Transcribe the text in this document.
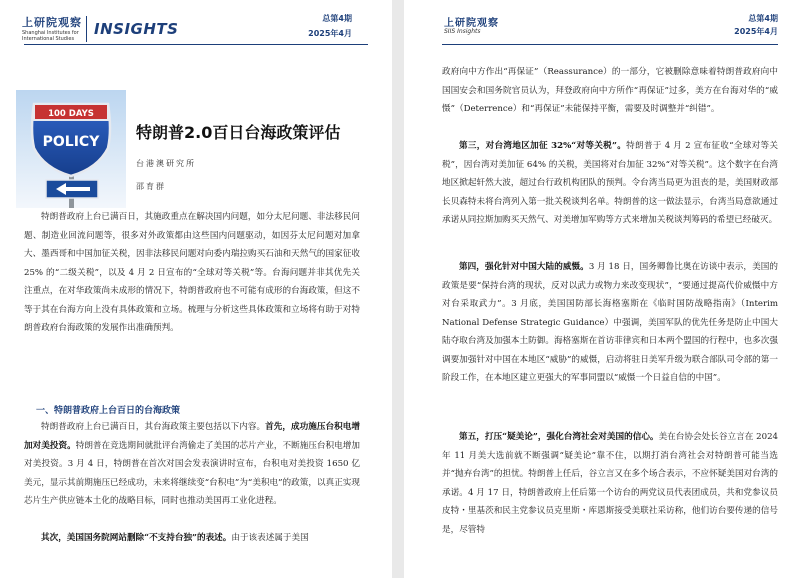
上研院观察
Shanghai Institutes for
International Studies
INSIGHTS
总第4期
2025年4月
100 DAYS
POLICY 特朗普2.0百日台海政策评估
台港澳研究所
邵育群

特朗普政府上台已满百日，其施政重点在解决国内问题，如分太尼问题、非法移民问题、制造业回流问题等，很多对外政策都由这些国内问题驱动，如因芬太尼问题对加拿大、墨西哥和中国加征关税，因非法移民问题对向委内瑞拉购买石油和天然气的国家征收 25% 的“二级关税”，以及 4 月 2 日宣布的“全球对等关税”等。台海问题并非其优先关注重点，在对华政策尚未成形的情况下，特朗普政府也不可能有成形的台海政策，但这不等于其在台海方向上没有具体政策和立场。梳理与分析这些具体政策和立场将有助于对特朗普政府台海政策的发展作出准确预判。

一、特朗普政府上台百日的台海政策

特朗普政府上台已满百日，其台海政策主要包括以下内容。首先，成功施压台积电增加对美投资。特朗普在竞选期间就批评台湾偷走了美国的芯片产业，不断施压台积电增加对美投资。3 月 4 日，特朗普在首次对国会发表演讲时宣布，台积电对美投资 1650 亿美元，显示其前期施压已经成功，未来将继续变“台积电”为“美积电”的政策，以真正实现芯片生产供应链本土化的战略目标，同时也推动美国再工业化进程。

其次，美国国务院网站删除“不支持台独”的表述。由于该表述属于美国

上研院观察
SIIS Insights
总第4期
2025年4月

政府向中方作出“再保证”（Reassurance）的一部分，它被删除意味着特朗普政府向中国国安会和国务院官员认为，拜登政府向中方所作“再保证”过多，美方在台海对华的“威慑”（Deterrence）和“再保证”未能保持平衡，需要及时调整并“纠错”。

第三，对台湾地区加征 32%“对等关税”。特朗普于 4 月 2 宣布征收“全球对等关税”，因台湾对美加征 64% 的关税，美国将对台加征 32%“对等关税”。这个数字在台湾地区掀起轩然大波，超过台行政机构团队的预判。令台湾当局更为沮丧的是，美国财政部长贝森特未将台湾列入第一批关税谈判名单。特朗普的这一做法显示，台湾当局意欲通过承诺从同拉斯加购买天然气、对美增加军购等方式来增加关税谈判筹码的希望已经破灭。

第四，强化针对中国大陆的威慑。3 月 18 日，国务卿鲁比奥在访谈中表示，美国的政策是要“保持台湾的现状，反对以武力或物力来改变现状”，“要通过提高代价威慑中方对台采取武力”。3 月底，美国国防部长海格塞斯在《临时国防战略指南》（Interim National Defense Strategic Guidance）中强调，美国军队的优先任务是防止中国大陆夺取台湾及加强本土防御。海格塞斯在首访菲律宾和日本两个盟国的行程中，也多次强调要加强针对中国在本地区“威胁”的威慑，启动将驻日美军升级为联合部队司令部的第一阶段工作，在本地区建立更强大的军事同盟以“威慑一个日益自信的中国”。

第五，打压“疑美论”，强化台湾社会对美国的信心。美在台协会处长谷立言在 2024 年 11 月美大选前就不断强调“疑美论”靠不住，以期打消台湾社会对特朗普可能当选并“抛弃台湾”的担忧。特朗普上任后，谷立言又在多个场合表示，不应怀疑美国对台湾的承诺。4 月 17 日，特朗普政府上任后第一个访台的两党议员代表团成员，共和党参议员皮特・里基茨和民主党参议员克里斯・库恩斯接受美联社采访称，他们访台要传递的信号是，尽管特
